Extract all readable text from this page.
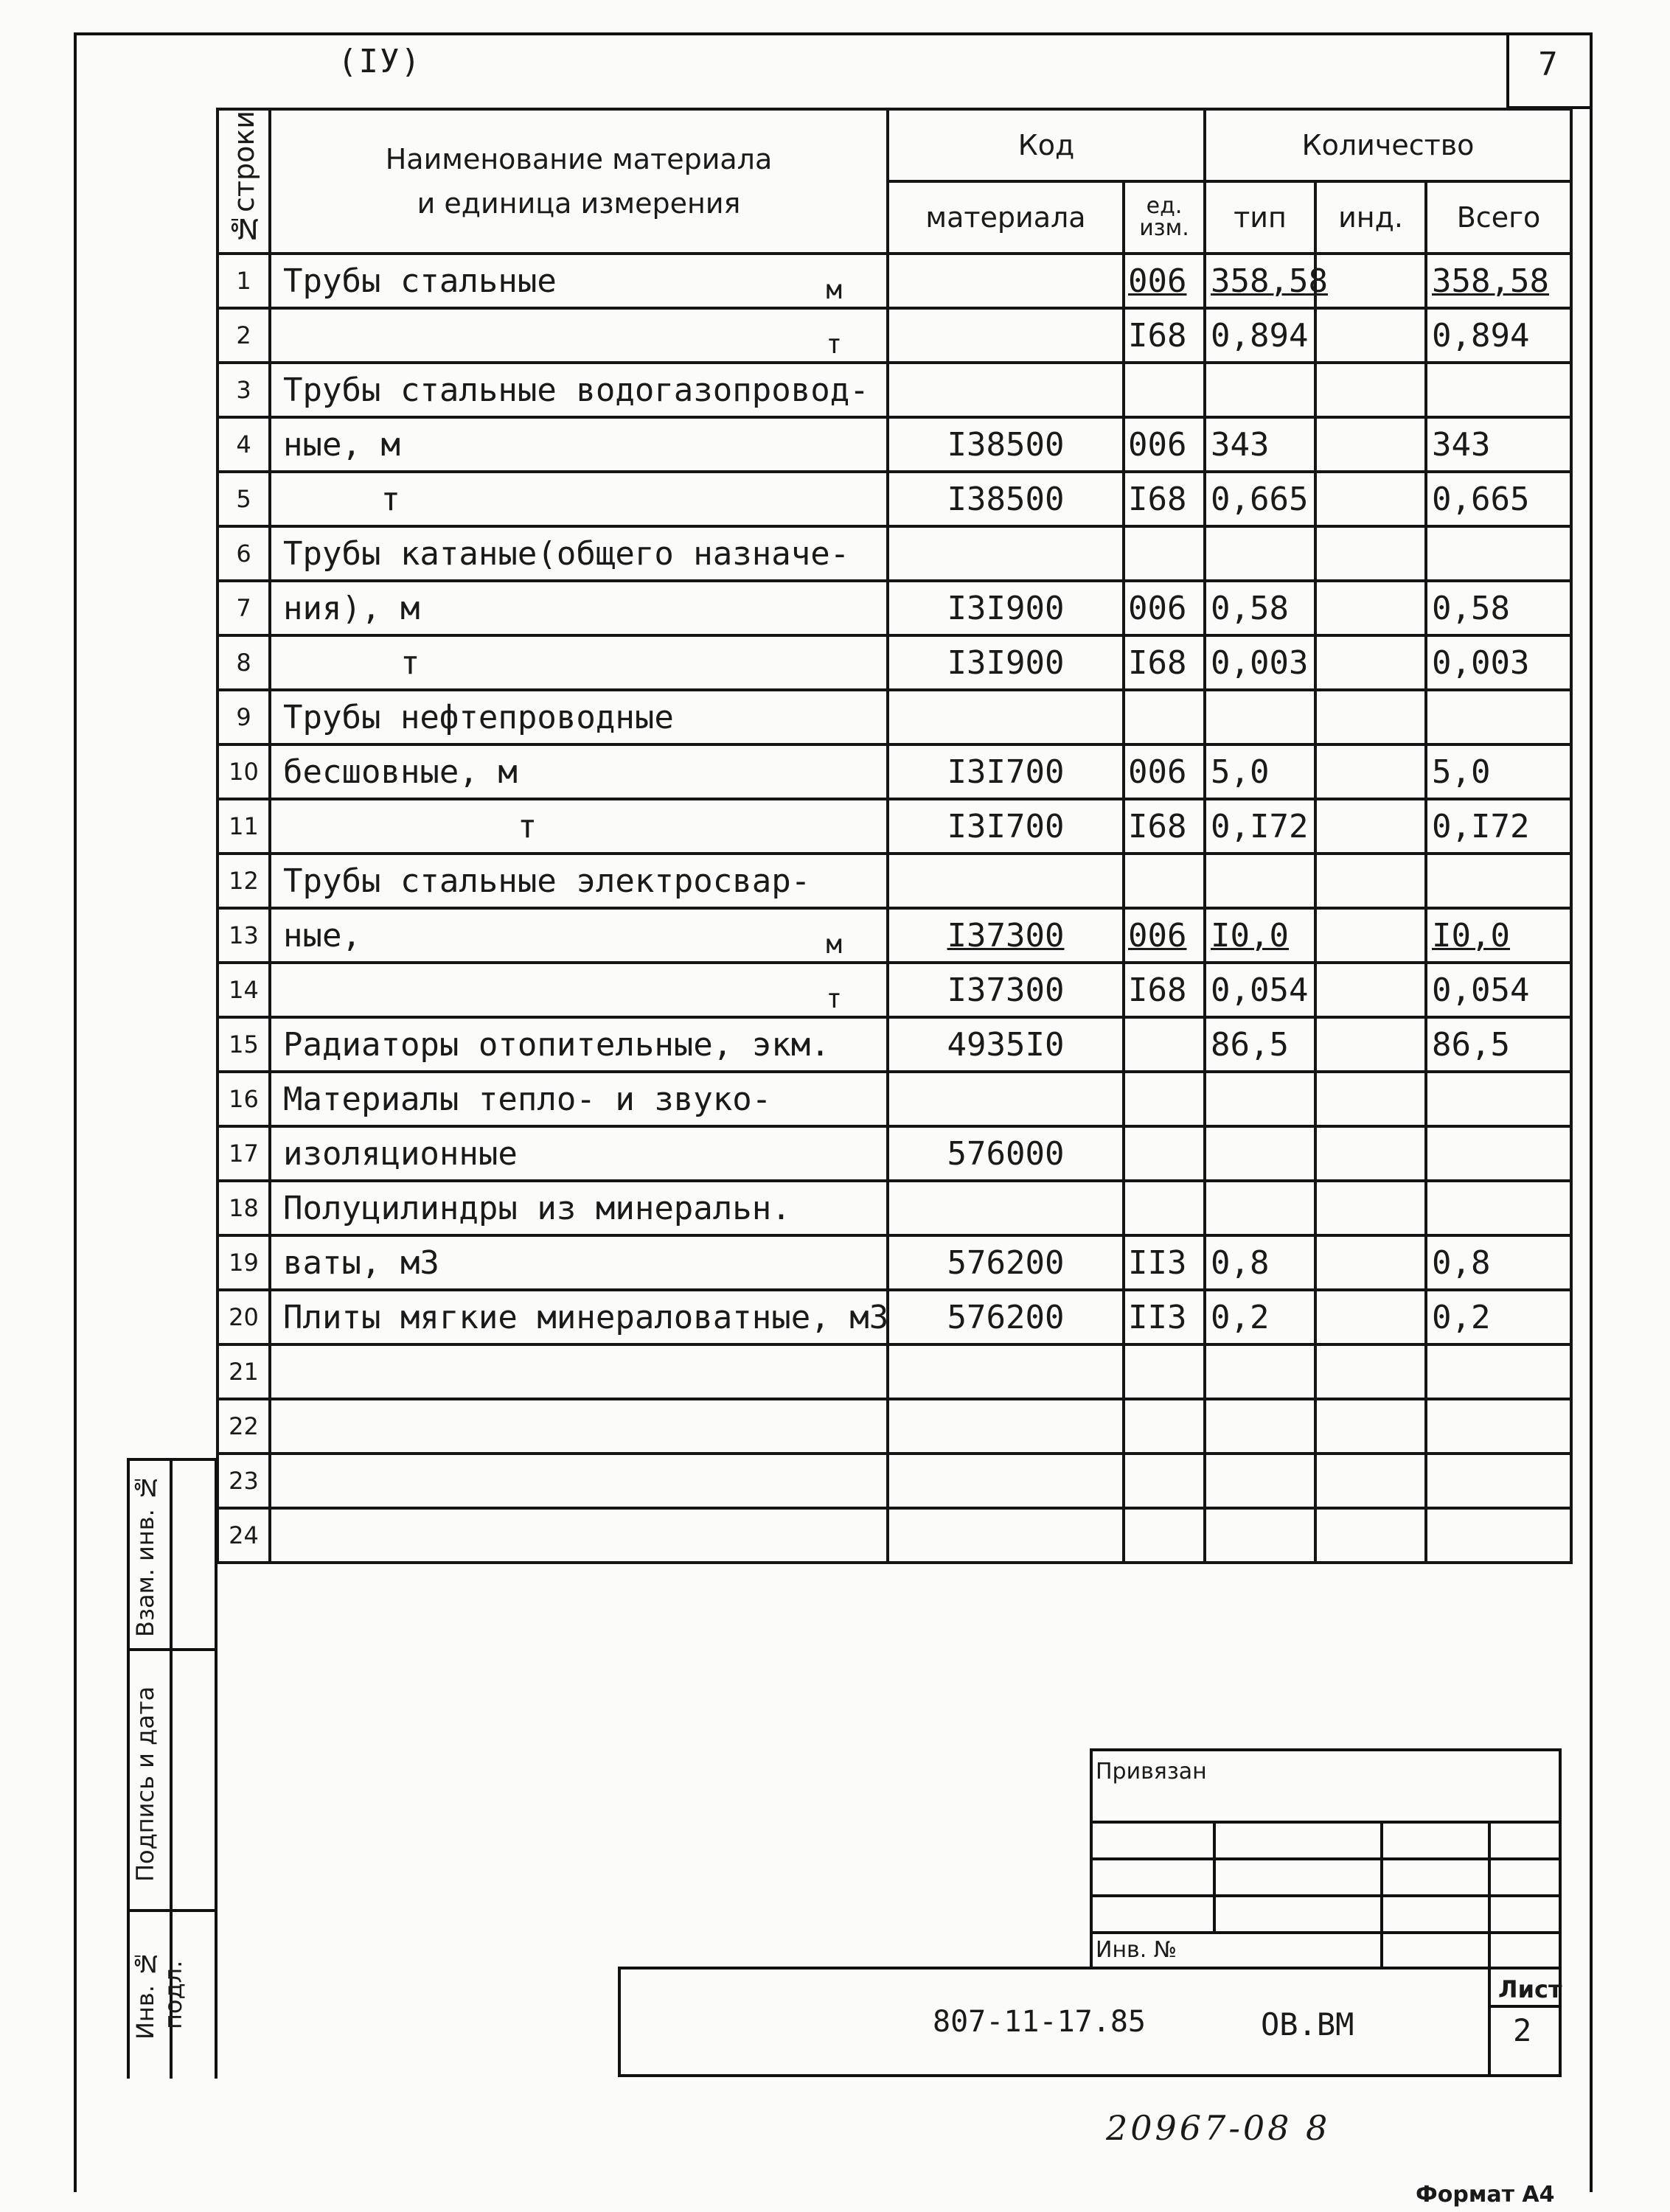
7
(IУ)
№строки	Наименование материала
и единица измерения	Код		Количество		
		материала	ед.
изм.	тип	инд.	Всего
1	Трубы стальные м		006	358,58		358,58
2	т		I68	0,894		0,894
3	Трубы стальные водогазопровод-					
4	ные, м	I38500	006	343		343
5	т	I38500	I68	0,665		0,665
6	Трубы катаные(общего назначе-					
7	ния), м	I3I900	006	0,58		0,58
8	т	I3I900	I68	0,003		0,003
9	Трубы нефтепроводные					
10	бесшовные, м	I3I700	006	5,0		5,0
11	т	I3I700	I68	0,I72		0,I72
12	Трубы стальные электросвар-					
13	ные, м	I37300	006	I0,0		I0,0
14	т	I37300	I68	0,054		0,054
15	Радиаторы отопительные, экм.	4935I0		86,5		86,5
16	Материалы тепло- и звуко-					
17	изоляционные	576000				
18	Полуцилиндры из минеральн.					
19	ваты, м3	576200	II3	0,8		0,8
20	Плиты мягкие минераловатные, м3	576200	II3	0,2		0,2
21						
22						
23						
24						
Взам. инв. №
Подпись и дата
Инв. № подл.
Привязан
Инв. №
807-11-17.85	ОВ.ВМ
Лист
2
20967-08 8
Формат А4
